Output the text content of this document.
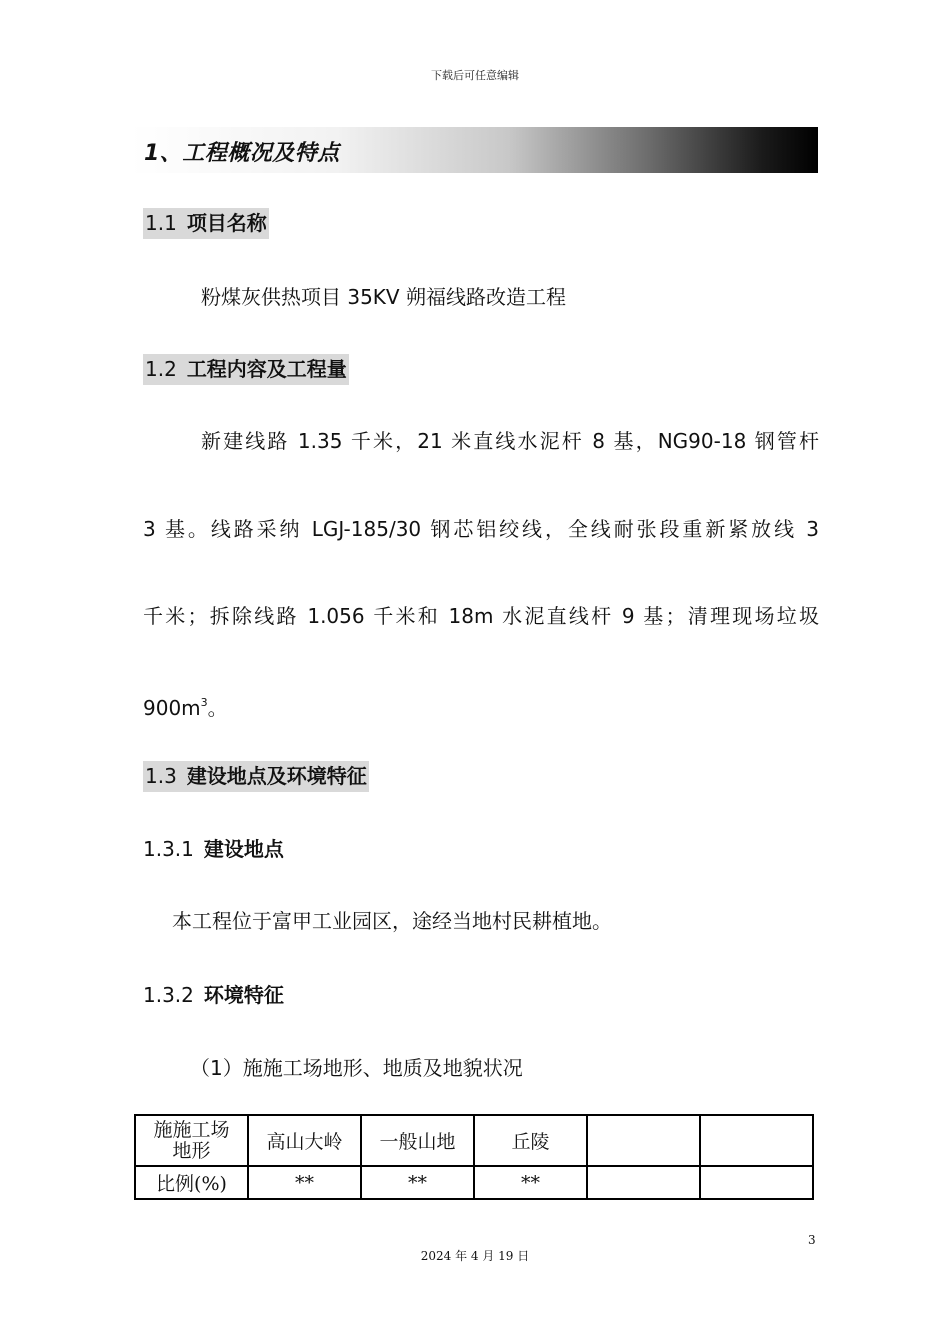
下载后可任意编辑
1、工程概况及特点
1.1 项目名称
粉煤灰供热项目 35KV 朔福线路改造工程
1.2 工程内容及工程量
新建线路 1.35 千米，21 米直线水泥杆 8 基，NG90-18 钢管杆
3 基。线路采纳 LGJ-185/30 钢芯铝绞线，全线耐张段重新紧放线 3
千米；拆除线路 1.056 千米和 18m 水泥直线杆 9 基；清理现场垃圾
$900m^3$。
1.3 建设地点及环境特征
1.3.1 建设地点
本工程位于富甲工业园区，途经当地村民耕植地。
1.3.2 环境特征
（1）施施工场地形、地质及地貌状况
施施工场
地形	高山大岭	一般山地	丘陵		
比例(%)	**	**	**		
3
2024 年 4 月 19 日
